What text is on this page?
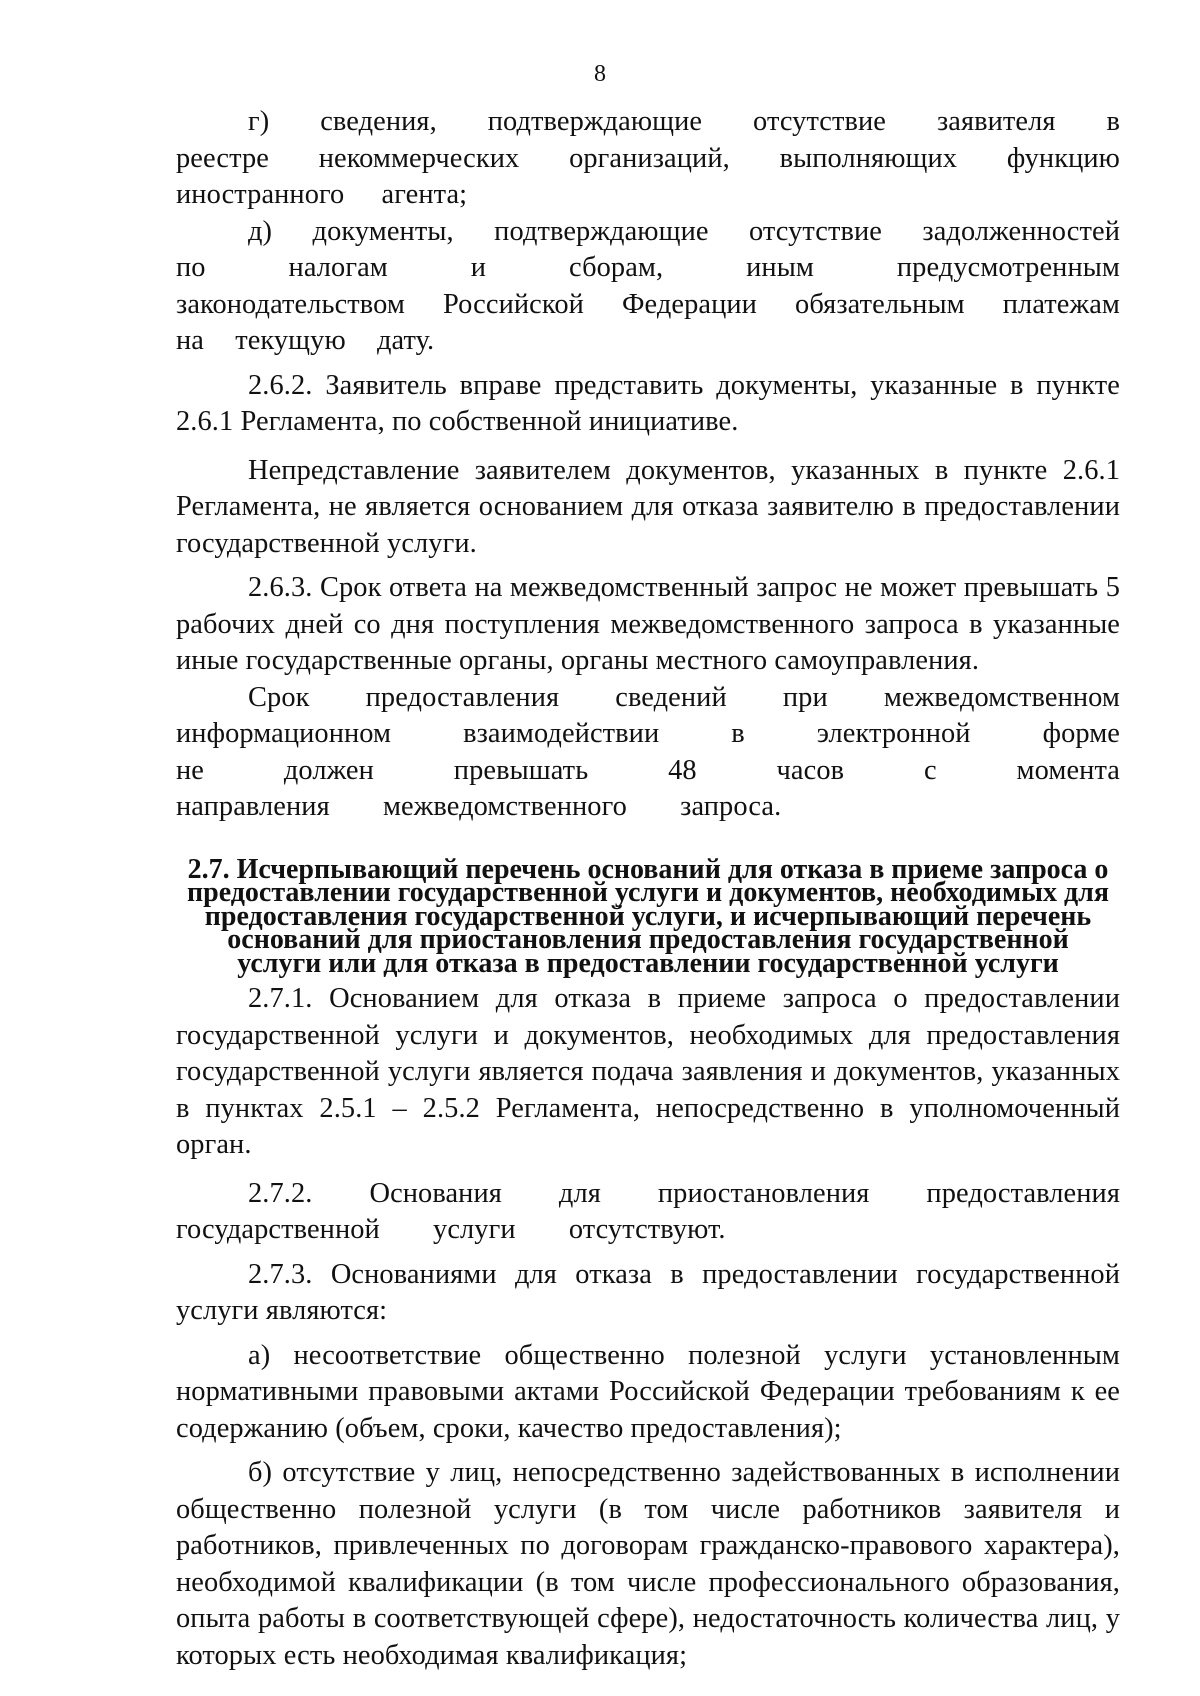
8

г) сведения, подтверждающие отсутствие заявителя в реестре некоммерческих организаций, выполняющих функцию иностранного агента;

д) документы, подтверждающие отсутствие задолженностей по налогам и сборам, иным предусмотренным законодательством Российской Федерации обязательным платежам на текущую дату.

2.6.2. Заявитель вправе представить документы, указанные в пункте 2.6.1 Регламента, по собственной инициативе.

Непредставление заявителем документов, указанных в пункте 2.6.1 Регламента, не является основанием для отказа заявителю в предоставлении государственной услуги.

2.6.3. Срок ответа на межведомственный запрос не может превышать 5 рабочих дней со дня поступления межведомственного запроса в указанные иные государственные органы, органы местного самоуправления.

Срок предоставления сведений при межведомственном информационном взаимодействии в электронной форме не должен превышать 48 часов с момента направления межведомственного запроса.

2.7. Исчерпывающий перечень оснований для отказа в приеме запроса о предоставлении государственной услуги и документов, необходимых для предоставления государственной услуги, и исчерпывающий перечень оснований для приостановления предоставления государственной услуги или для отказа в предоставлении государственной услуги

2.7.1. Основанием для отказа в приеме запроса о предоставлении государственной услуги и документов, необходимых для предоставления государственной услуги является подача заявления и документов, указанных в пунктах 2.5.1 – 2.5.2 Регламента, непосредственно в уполномоченный орган.

2.7.2. Основания для приостановления предоставления государственной услуги отсутствуют.

2.7.3. Основаниями для отказа в предоставлении государственной услуги являются:

а) несоответствие общественно полезной услуги установленным нормативными правовыми актами Российской Федерации требованиям к ее содержанию (объем, сроки, качество предоставления);

б) отсутствие у лиц, непосредственно задействованных в исполнении общественно полезной услуги (в том числе работников заявителя и работников, привлеченных по договорам гражданско-правового характера), необходимой квалификации (в том числе профессионального образования, опыта работы в соответствующей сфере), недостаточность количества лиц, у которых есть необходимая квалификация;
